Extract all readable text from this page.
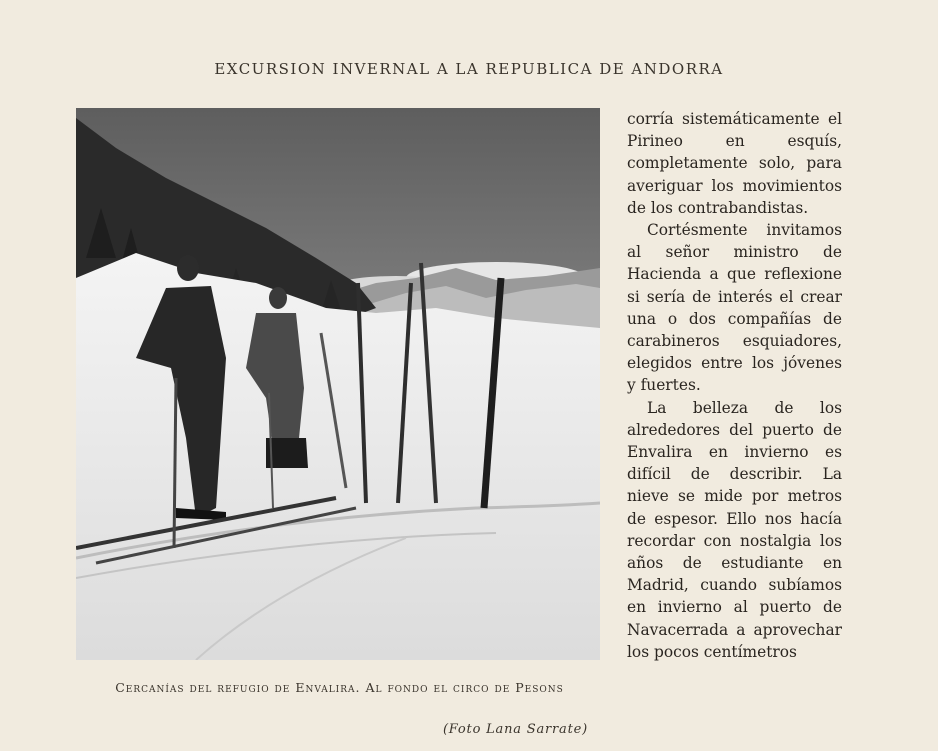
EXCURSION INVERNAL A LA REPUBLICA DE ANDORRA
Cercanías del refugio de Envalira. Al fondo el circo de Pesons
(Foto Lana Sarrate)

corría sistemáticamente el Pirineo en esquís, completamente solo, para averiguar los movimientos de los contrabandistas.

Cortésmente invitamos al señor ministro de Hacienda a que reflexione si sería de interés el crear una o dos compañías de carabineros esquiadores, elegidos entre los jóvenes y fuertes.

La belleza de los alrededores del puerto de Envalira en invierno es difícil de describir. La nieve se mide por metros de espesor. Ello nos hacía recordar con nostalgia los años de estudiante en Madrid, cuando subíamos en invierno al puerto de Navacerrada a aprovechar los pocos centímetros
